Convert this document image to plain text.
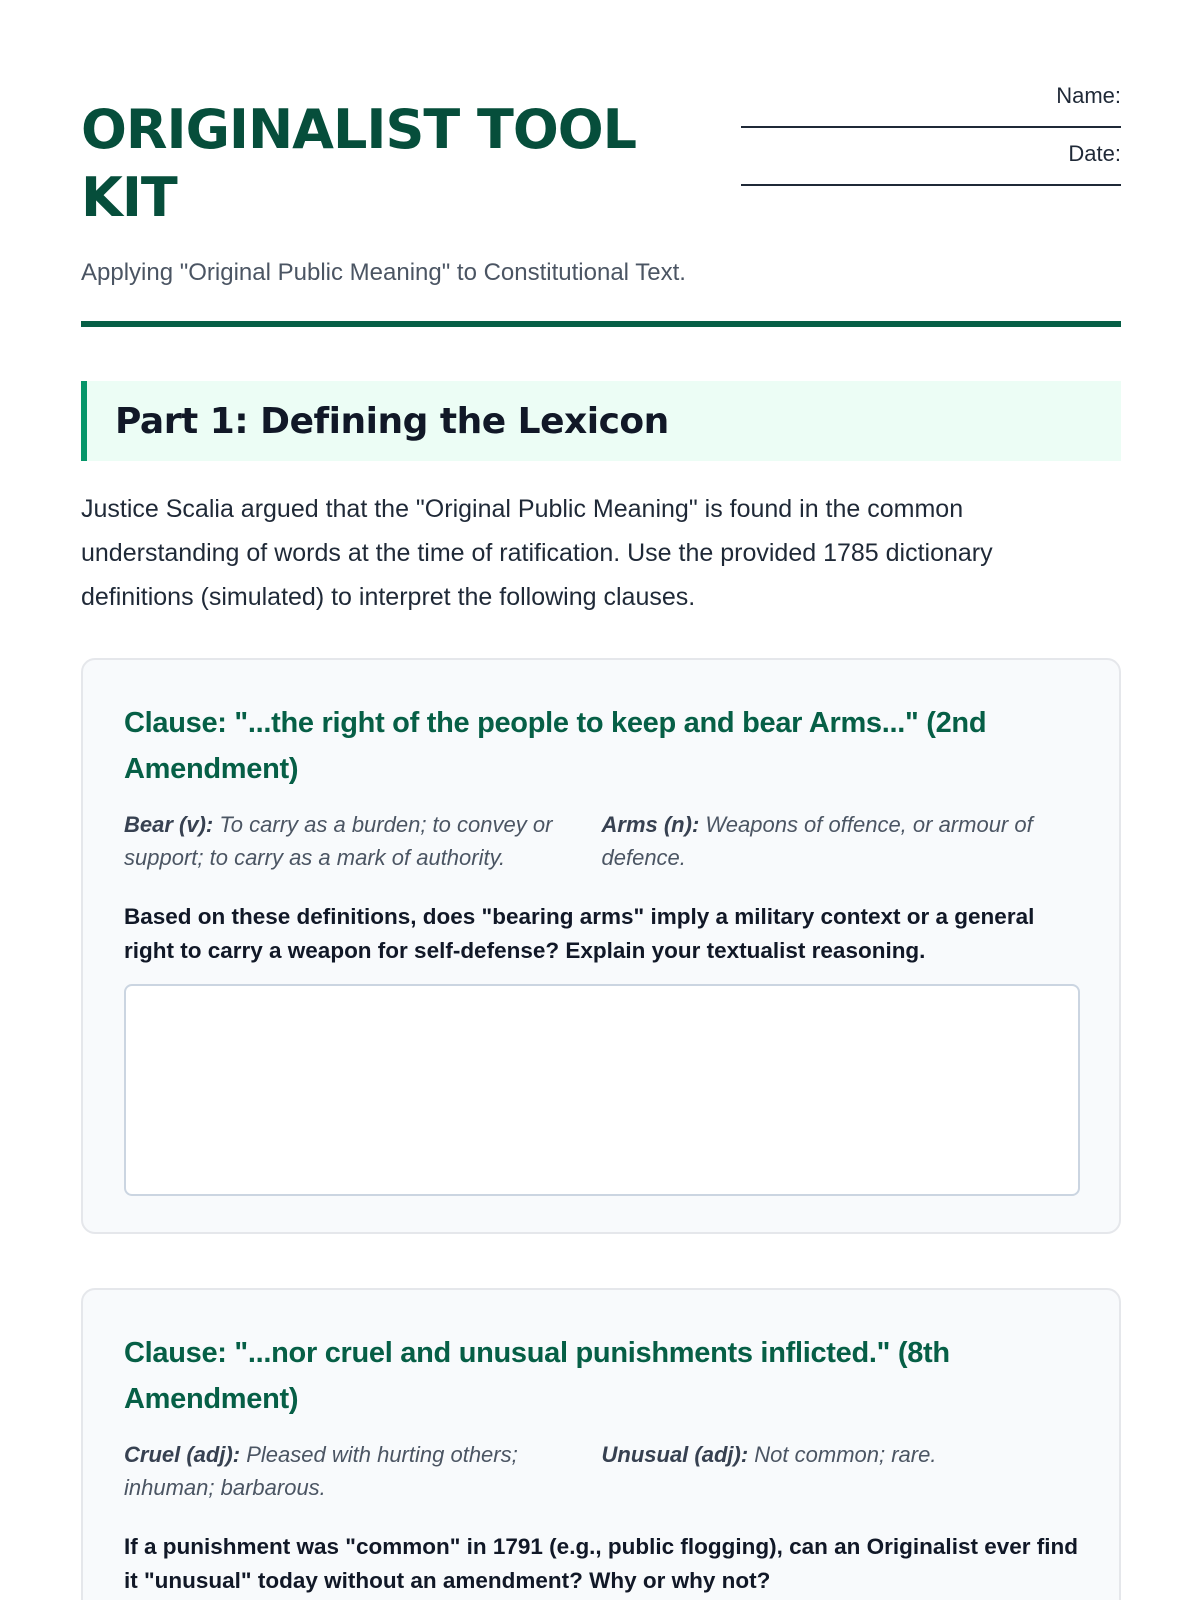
ORIGINALIST TOOL KIT
Name:
Date:

Applying "Original Public Meaning" to Constitutional Text.

Part 1: Defining the Lexicon

Justice Scalia argued that the "Original Public Meaning" is found in the common understanding of words at the time of ratification. Use the provided 1785 dictionary definitions (simulated) to interpret the following clauses.

Clause: "...the right of the people to keep and bear Arms..." (2nd Amendment)

Bear (v): To carry as a burden; to convey or support; to carry as a mark of authority.

Arms (n): Weapons of offence, or armour of defence.

Based on these definitions, does "bearing arms" imply a military context or a general right to carry a weapon for self-defense? Explain your textualist reasoning.

Clause: "...nor cruel and unusual punishments inflicted." (8th Amendment)

Cruel (adj): Pleased with hurting others; inhuman; barbarous.

Unusual (adj): Not common; rare.

If a punishment was "common" in 1791 (e.g., public flogging), can an Originalist ever find it "unusual" today without an amendment? Why or why not?
